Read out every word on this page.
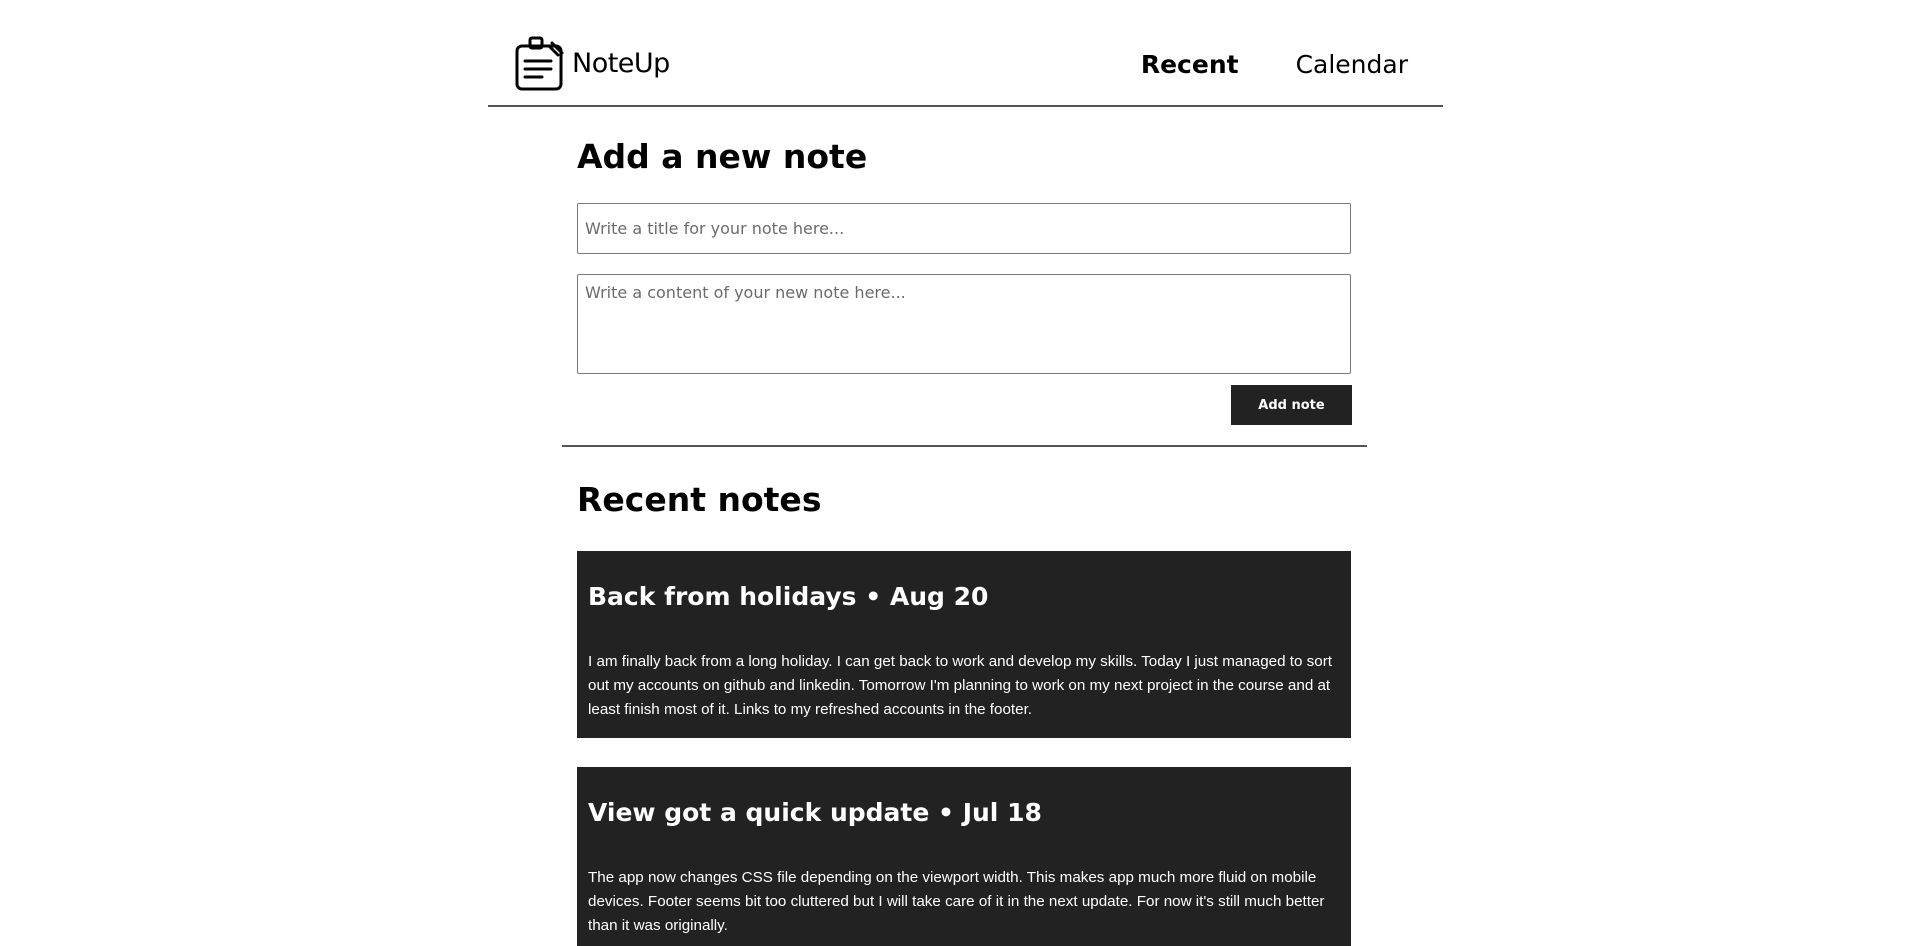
NoteUp	Recent Calendar
Add a new note
Write a title for your note here...
Write a content of your new note here...
Add note
Recent notes
Back from holidays • Aug 20

I am finally back from a long holiday. I can get back to work and develop my skills. Today I just managed to sort out my accounts on github and linkedin. Tomorrow I'm planning to work on my next project in the course and at least finish most of it. Links to my refreshed accounts in the footer.

View got a quick update • Jul 18

The app now changes CSS file depending on the viewport width. This makes app much more fluid on mobile devices. Footer seems bit too cluttered but I will take care of it in the next update. For now it's still much better than it was originally.
